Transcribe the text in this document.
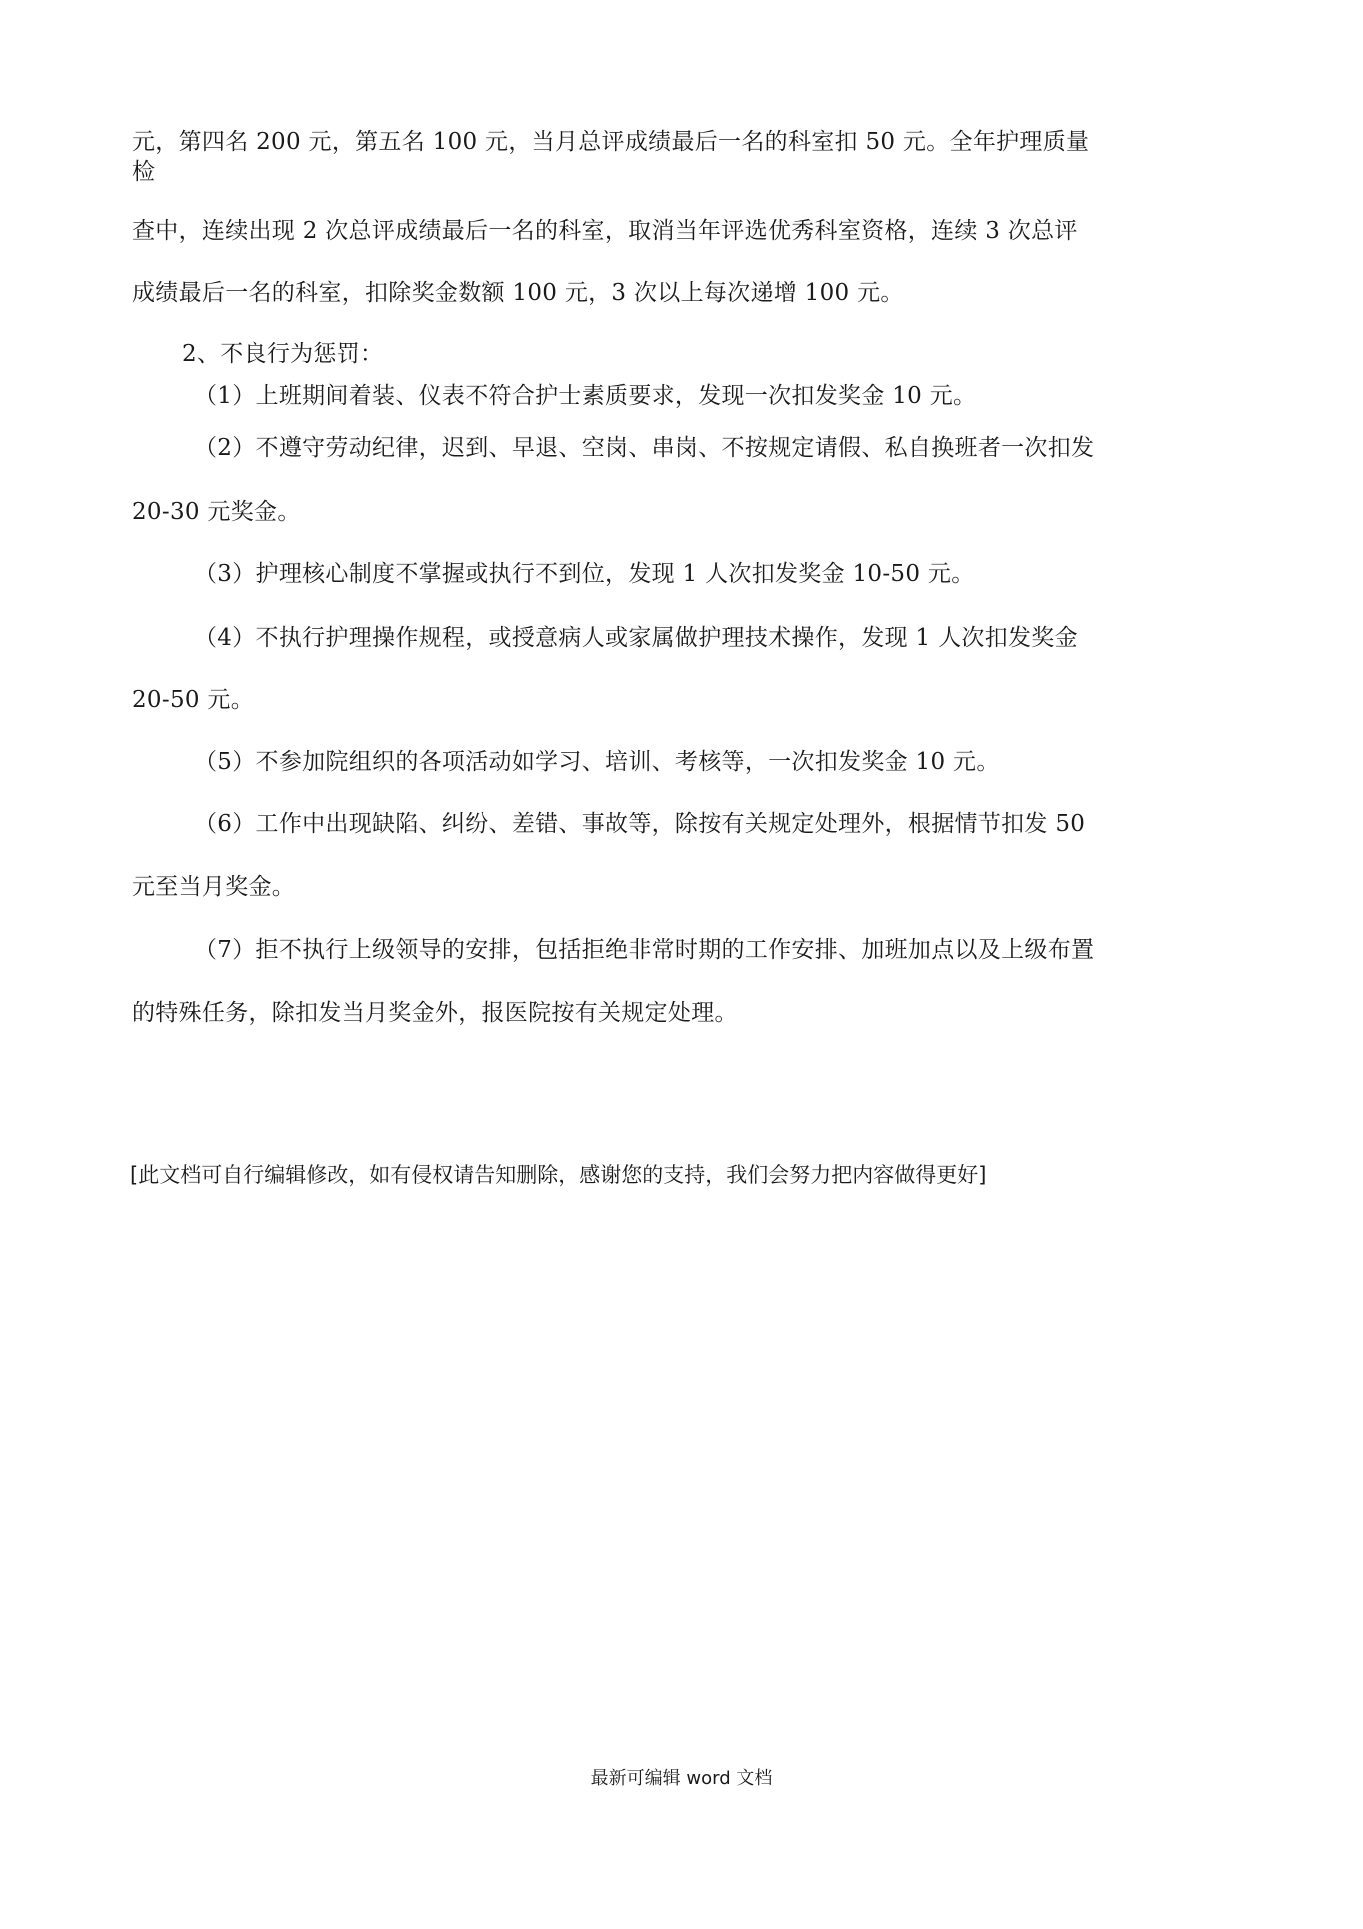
元，第四名 200 元，第五名 100 元，当月总评成绩最后一名的科室扣 50 元。全年护理质量
检
查中，连续出现 2 次总评成绩最后一名的科室，取消当年评选优秀科室资格，连续 3 次总评
成绩最后一名的科室，扣除奖金数额 100 元，3 次以上每次递增 100 元。
2、不良行为惩罚：
（1）上班期间着装、仪表不符合护士素质要求，发现一次扣发奖金 10 元。
（2）不遵守劳动纪律，迟到、早退、空岗、串岗、不按规定请假、私自换班者一次扣发
20-30 元奖金。
（3）护理核心制度不掌握或执行不到位，发现 1 人次扣发奖金 10-50 元。
（4）不执行护理操作规程，或授意病人或家属做护理技术操作，发现 1 人次扣发奖金
20-50 元。
（5）不参加院组织的各项活动如学习、培训、考核等，一次扣发奖金 10 元。
（6）工作中出现缺陷、纠纷、差错、事故等，除按有关规定处理外，根据情节扣发 50
元至当月奖金。
（7）拒不执行上级领导的安排，包括拒绝非常时期的工作安排、加班加点以及上级布置
的特殊任务，除扣发当月奖金外，报医院按有关规定处理。
[此文档可自行编辑修改，如有侵权请告知删除，感谢您的支持，我们会努力把内容做得更好]
最新可编辑 word 文档
